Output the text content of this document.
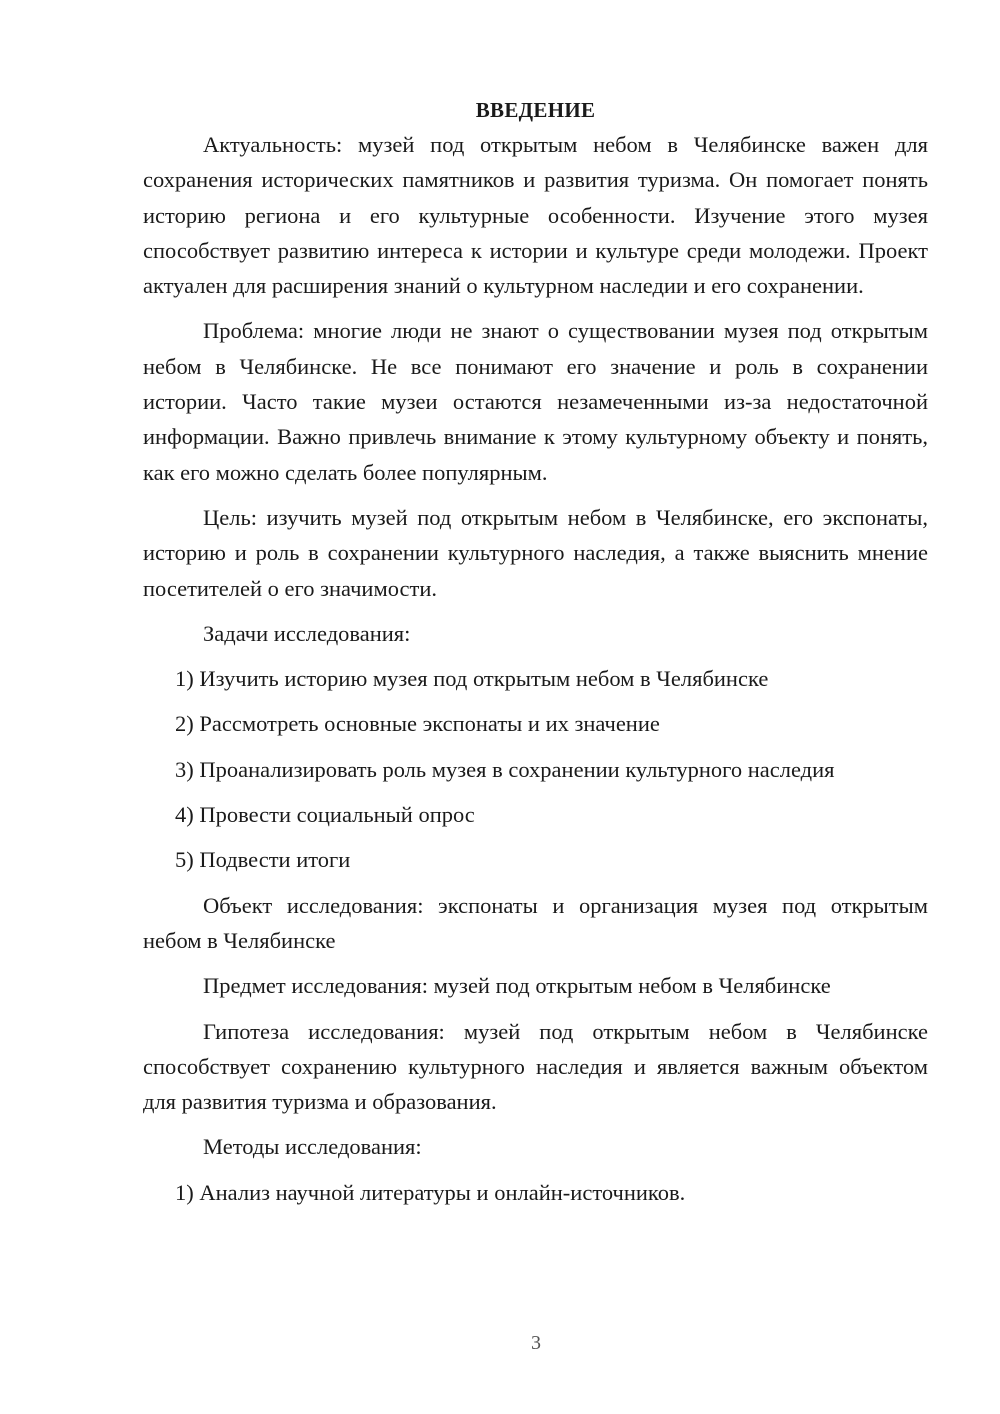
ВВЕДЕНИЕ

Актуальность: музей под открытым небом в Челябинске важен для сохранения исторических памятников и развития туризма. Он помогает понять историю региона и его культурные особенности. Изучение этого музея способствует развитию интереса к истории и культуре среди молодежи. Проект актуален для расширения знаний о культурном наследии и его сохранении.

Проблема: многие люди не знают о существовании музея под открытым небом в Челябинске. Не все понимают его значение и роль в сохранении истории. Часто такие музеи остаются незамеченными из-за недостаточной информации. Важно привлечь внимание к этому культурному объекту и понять, как его можно сделать более популярным.

Цель: изучить музей под открытым небом в Челябинске, его экспонаты, историю и роль в сохранении культурного наследия, а также выяснить мнение посетителей о его значимости.

Задачи исследования:

1) Изучить историю музея под открытым небом в Челябинске

2) Рассмотреть основные экспонаты и их значение

3) Проанализировать роль музея в сохранении культурного наследия

4) Провести социальный опрос

5) Подвести итоги

Объект исследования: экспонаты и организация музея под открытым небом в Челябинске

Предмет исследования: музей под открытым небом в Челябинске

Гипотеза исследования: музей под открытым небом в Челябинске способствует сохранению культурного наследия и является важным объектом для развития туризма и образования.

Методы исследования:

1) Анализ научной литературы и онлайн-источников.

3
